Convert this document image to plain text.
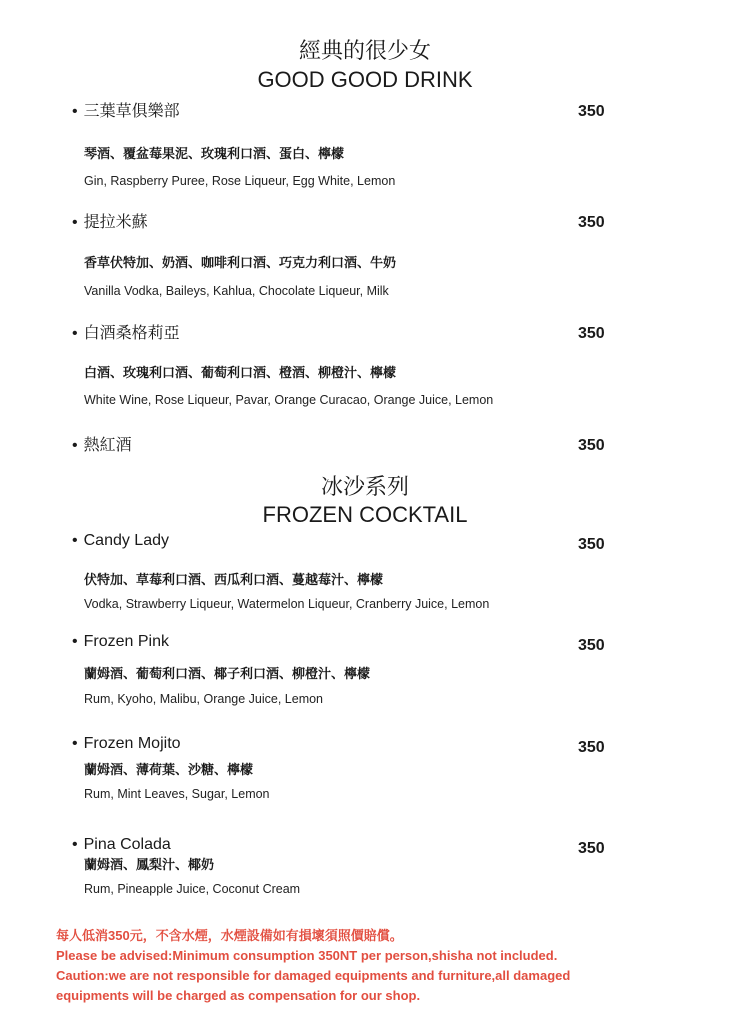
經典的很少女
GOOD GOOD DRINK
• 三葉草俱樂部	350
琴酒、覆盆莓果泥、玫瑰利口酒、蛋白、檸檬
Gin, Raspberry Puree, Rose Liqueur, Egg White, Lemon
• 提拉米蘇	350
香草伏特加、奶酒、咖啡利口酒、巧克力利口酒、牛奶
Vanilla Vodka, Baileys, Kahlua, Chocolate Liqueur, Milk
• 白酒桑格莉亞	350
白酒、玫瑰利口酒、葡萄利口酒、橙酒、柳橙汁、檸檬
White Wine, Rose Liqueur, Pavar, Orange Curacao, Orange Juice, Lemon
• 熱紅酒	350
冰沙系列
FROZEN COCKTAIL
• Candy Lady	350
伏特加、草莓利口酒、西瓜利口酒、蔓越莓汁、檸檬
Vodka, Strawberry Liqueur, Watermelon Liqueur, Cranberry Juice, Lemon
• Frozen Pink	350
蘭姆酒、葡萄利口酒、椰子利口酒、柳橙汁、檸檬
Rum, Kyoho, Malibu, Orange Juice, Lemon
• Frozen Mojito	350
蘭姆酒、薄荷葉、沙糖、檸檬
Rum, Mint Leaves, Sugar, Lemon
• Pina Colada	350
蘭姆酒、鳳梨汁、椰奶
Rum, Pineapple Juice, Coconut Cream
每人低消350元，不含水煙，水煙設備如有損壞須照價賠償。
Please be advised:Minimum consumption 350NT per person,shisha not included.
Caution:we are not responsible for damaged equipments and furniture,all damaged
equipments will be charged as compensation for our shop.
